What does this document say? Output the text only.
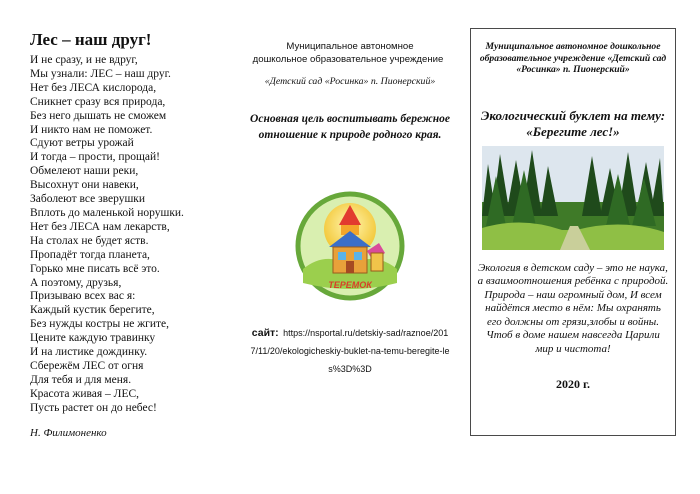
Лес – наш друг!
И не сразу, и не вдруг,
Мы узнали: ЛЕС – наш друг.
Нет без ЛЕСА кислорода,
Сникнет сразу вся природа,
Без него дышать не сможем
И никто нам не поможет.
Сдуют ветры урожай
И тогда – прости, прощай!
Обмелеют наши реки,
Высохнут они навеки,
Заболеют все зверушки
Вплоть до маленькой норушки.
Нет без ЛЕСА нам лекарств,
На столах не будет яств.
Пропадёт тогда планета,
Горько мне писать всё это.
А поэтому, друзья,
Призываю всех вас я:
Каждый кустик берегите,
Без нужды костры не жгите,
Цените каждую травинку
И на листике дождинку.
Сбережём ЛЕС от огня
Для тебя и для меня.
Красота живая – ЛЕС,
Пусть растет он до небес!

Н. Филимоненко

Муниципальное автономное

дошкольное образовательное учреждение

«Детский сад «Росинка» п. Пионерский»

Основная цель воспитывать бережное отношение к природе родного края.

ТЕРЕМОК
сайт: https://nsportal.ru/detskiy-sad/raznoe/2017/11/20/ekologicheskiy-buklet-na-temu-beregite-les%3D%3D

Муниципальное автономное дошкольное образовательное учреждение «Детский сад «Росинка» п. Пионерский»

Экологический буклет на тему: «Берегите лес!»

Экология в детском саду – это не наука, а взаимоотношения ребёнка с природой. Природа – наш огромный дом, И всем найдётся место в нём: Мы охранять его должны от грязи,злобы и войны. Чтоб в доме нашем навсегда Царили мир и чистота!

2020 г.
